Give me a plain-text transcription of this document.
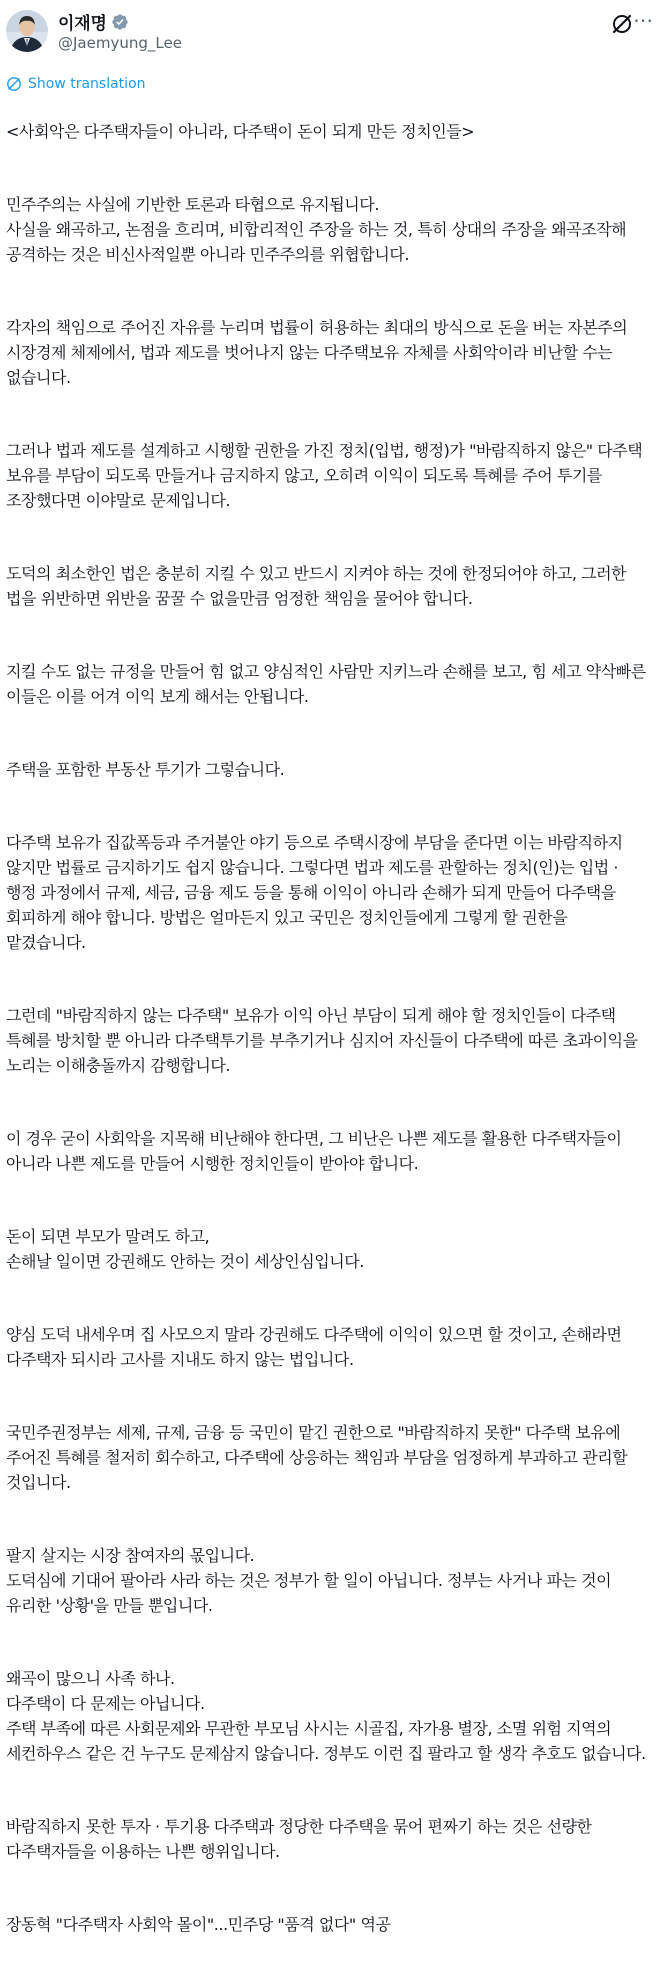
이재명
@Jaemyung_Lee
⋯
Show translation

<사회악은 다주택자들이 아니라, 다주택이 돈이 되게 만든 정치인들>

민주주의는 사실에 기반한 토론과 타협으로 유지됩니다.
사실을 왜곡하고, 논점을 흐리며, 비합리적인 주장을 하는 것, 특히 상대의 주장을 왜곡조작해 공격하는 것은 비신사적일뿐 아니라 민주주의를 위협합니다.

각자의 책임으로 주어진 자유를 누리며 법률이 허용하는 최대의 방식으로 돈을 버는 자본주의 시장경제 체제에서, 법과 제도를 벗어나지 않는 다주택보유 자체를 사회악이라 비난할 수는 없습니다.

그러나 법과 제도를 설계하고 시행할 권한을 가진 정치(입법, 행정)가 "바람직하지 않은" 다주택 보유를 부담이 되도록 만들거나 금지하지 않고, 오히려 이익이 되도록 특혜를 주어 투기를 조장했다면 이야말로 문제입니다.

도덕의 최소한인 법은 충분히 지킬 수 있고 반드시 지켜야 하는 것에 한정되어야 하고, 그러한 법을 위반하면 위반을 꿈꿀 수 없을만큼 엄정한 책임을 물어야 합니다.

지킬 수도 없는 규정을 만들어 힘 없고 양심적인 사람만 지키느라 손해를 보고, 힘 세고 약삭빠른 이들은 이를 어겨 이익 보게 해서는 안됩니다.

주택을 포함한 부동산 투기가 그렇습니다.

다주택 보유가 집값폭등과 주거불안 야기 등으로 주택시장에 부담을 준다면 이는 바람직하지 않지만 법률로 금지하기도 쉽지 않습니다. 그렇다면 법과 제도를 관할하는 정치(인)는 입법 · 행정 과정에서 규제, 세금, 금융 제도 등을 통해 이익이 아니라 손해가 되게 만들어 다주택을 회피하게 해야 합니다. 방법은 얼마든지 있고 국민은 정치인들에게 그렇게 할 권한을 맡겼습니다.

그런데 "바람직하지 않는 다주택" 보유가 이익 아닌 부담이 되게 해야 할 정치인들이 다주택 특혜를 방치할 뿐 아니라 다주택투기를 부추기거나 심지어 자신들이 다주택에 따른 초과이익을 노리는 이해충돌까지 감행합니다.

이 경우 굳이 사회악을 지목해 비난해야 한다면, 그 비난은 나쁜 제도를 활용한 다주택자들이 아니라 나쁜 제도를 만들어 시행한 정치인들이 받아야 합니다.

돈이 되면 부모가 말려도 하고,
손해날 일이면 강권해도 안하는 것이 세상인심입니다.

양심 도덕 내세우며 집 사모으지 말라 강권해도 다주택에 이익이 있으면 할 것이고, 손해라면 다주택자 되시라 고사를 지내도 하지 않는 법입니다.

국민주권정부는 세제, 규제, 금융 등 국민이 맡긴 권한으로 "바람직하지 못한" 다주택 보유에 주어진 특혜를 철저히 회수하고, 다주택에 상응하는 책임과 부담을 엄정하게 부과하고 관리할 것입니다.

팔지 살지는 시장 참여자의 몫입니다.
도덕심에 기대어 팔아라 사라 하는 것은 정부가 할 일이 아닙니다. 정부는 사거나 파는 것이 유리한 '상황'을 만들 뿐입니다.

왜곡이 많으니 사족 하나.
다주택이 다 문제는 아닙니다.
주택 부족에 따른 사회문제와 무관한 부모님 사시는 시골집, 자가용 별장, 소멸 위험 지역의 세컨하우스 같은 건 누구도 문제삼지 않습니다. 정부도 이런 집 팔라고 할 생각 추호도 없습니다.

바람직하지 못한 투자 · 투기용 다주택과 정당한 다주택을 묶어 편짜기 하는 것은 선량한 다주택자들을 이용하는 나쁜 행위입니다.

장동혁 "다주택자 사회악 몰이"...민주당 "품격 없다" 역공
